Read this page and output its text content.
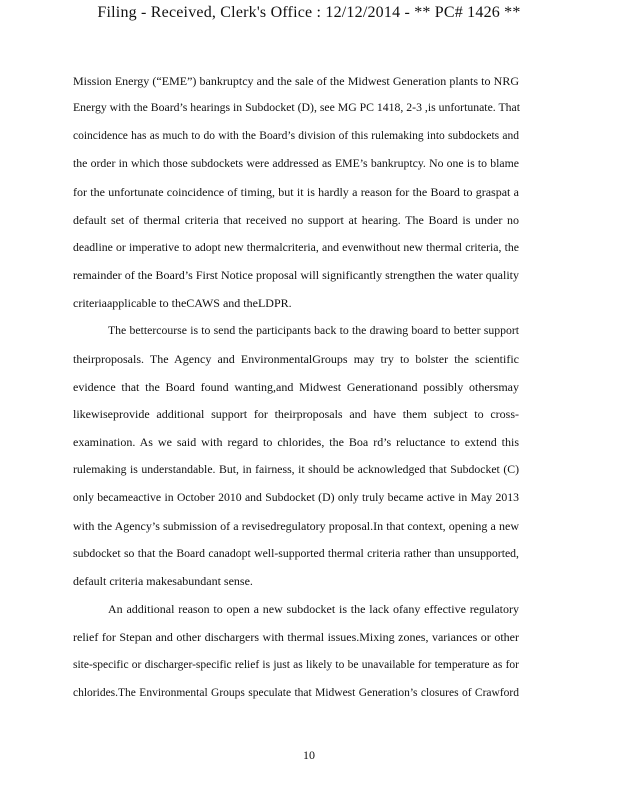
Filing - Received, Clerk's Office : 12/12/2014 - ** PC# 1426 **
Mission Energy (“EME”) bankruptcy and the sale of the Midwest Generation plants to NRG
Energy with the Board’s hearings in Subdocket (D), see MG PC 1418, 2-3 ,is unfortunate. That
coincidence has as much to do with the Board’s division of this rulemaking into subdockets and
the order in which those subdockets were addressed as EME’s bankruptcy. No one is to blame
for the unfortunate coincidence of timing, but it is hardly a reason for the Board to graspat a
default set of thermal criteria that received no support at hearing. The Board is under no
deadline or imperative to adopt new thermalcriteria, and evenwithout new thermal criteria, the
remainder of the Board’s First Notice proposal will significantly strengthen the water quality
criteriaapplicable to theCAWS and theLDPR.
The bettercourse is to send the participants back to the drawing board to better support
theirproposals. The Agency and EnvironmentalGroups may try to bolster the scientific
evidence that the Board found wanting,and Midwest Generationand possibly othersmay
likewiseprovide additional support for theirproposals and have them subject to cross-
examination. As we said with regard to chlorides, the Boa rd’s reluctance to extend this
rulemaking is understandable. But, in fairness, it should be acknowledged that Subdocket (C)
only becameactive in October 2010 and Subdocket (D) only truly became active in May 2013
with the Agency’s submission of a revisedregulatory proposal.In that context, opening a new
subdocket so that the Board canadopt well-supported thermal criteria rather than unsupported,
default criteria makesabundant sense.
An additional reason to open a new subdocket is the lack ofany effective regulatory
relief for Stepan and other dischargers with thermal issues.Mixing zones, variances or other
site-specific or discharger-specific relief is just as likely to be unavailable for temperature as for
chlorides.The Environmental Groups speculate that Midwest Generation’s closures of Crawford
10
